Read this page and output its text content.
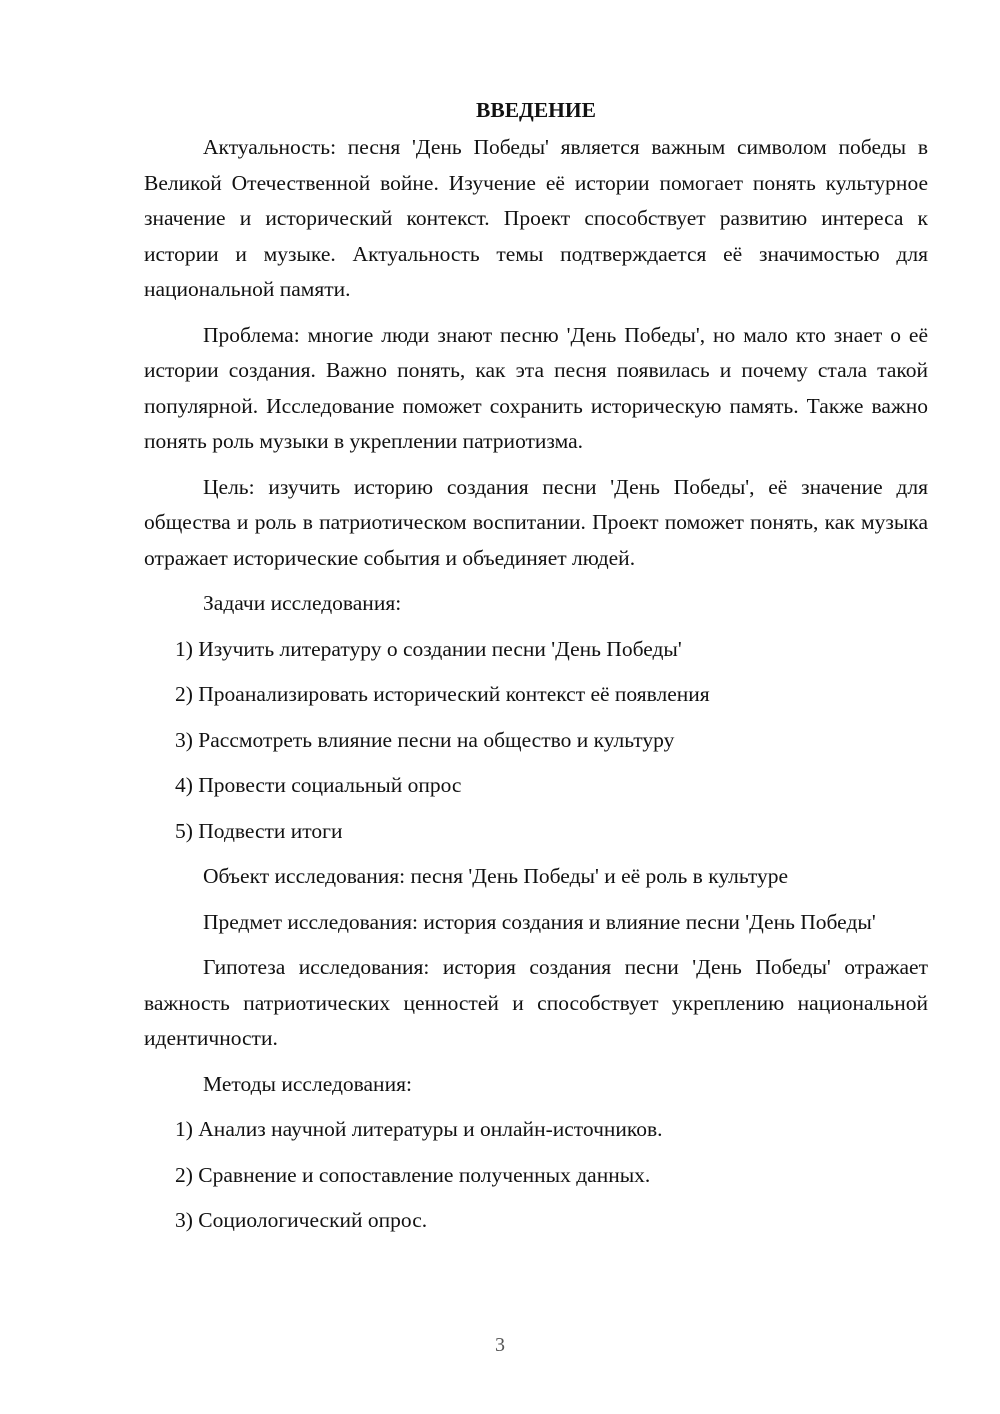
ВВЕДЕНИЕ

Актуальность: песня 'День Победы' является важным символом победы в Великой Отечественной войне. Изучение её истории помогает понять культурное значение и исторический контекст. Проект способствует развитию интереса к истории и музыке. Актуальность темы подтверждается её значимостью для национальной памяти.

Проблема: многие люди знают песню 'День Победы', но мало кто знает о её истории создания. Важно понять, как эта песня появилась и почему стала такой популярной. Исследование поможет сохранить историческую память. Также важно понять роль музыки в укреплении патриотизма.

Цель: изучить историю создания песни 'День Победы', её значение для общества и роль в патриотическом воспитании. Проект поможет понять, как музыка отражает исторические события и объединяет людей.

Задачи исследования:
1) Изучить литературу о создании песни 'День Победы'
2) Проанализировать исторический контекст её появления
3) Рассмотреть влияние песни на общество и культуру
4) Провести социальный опрос
5) Подвести итоги
Объект исследования: песня 'День Победы' и её роль в культуре

Предмет исследования: история создания и влияние песни 'День Победы'

Гипотеза исследования: история создания песни 'День Победы' отражает важность патриотических ценностей и способствует укреплению национальной идентичности.

Методы исследования:
1) Анализ научной литературы и онлайн-источников.
2) Сравнение и сопоставление полученных данных.
3) Социологический опрос.
3
